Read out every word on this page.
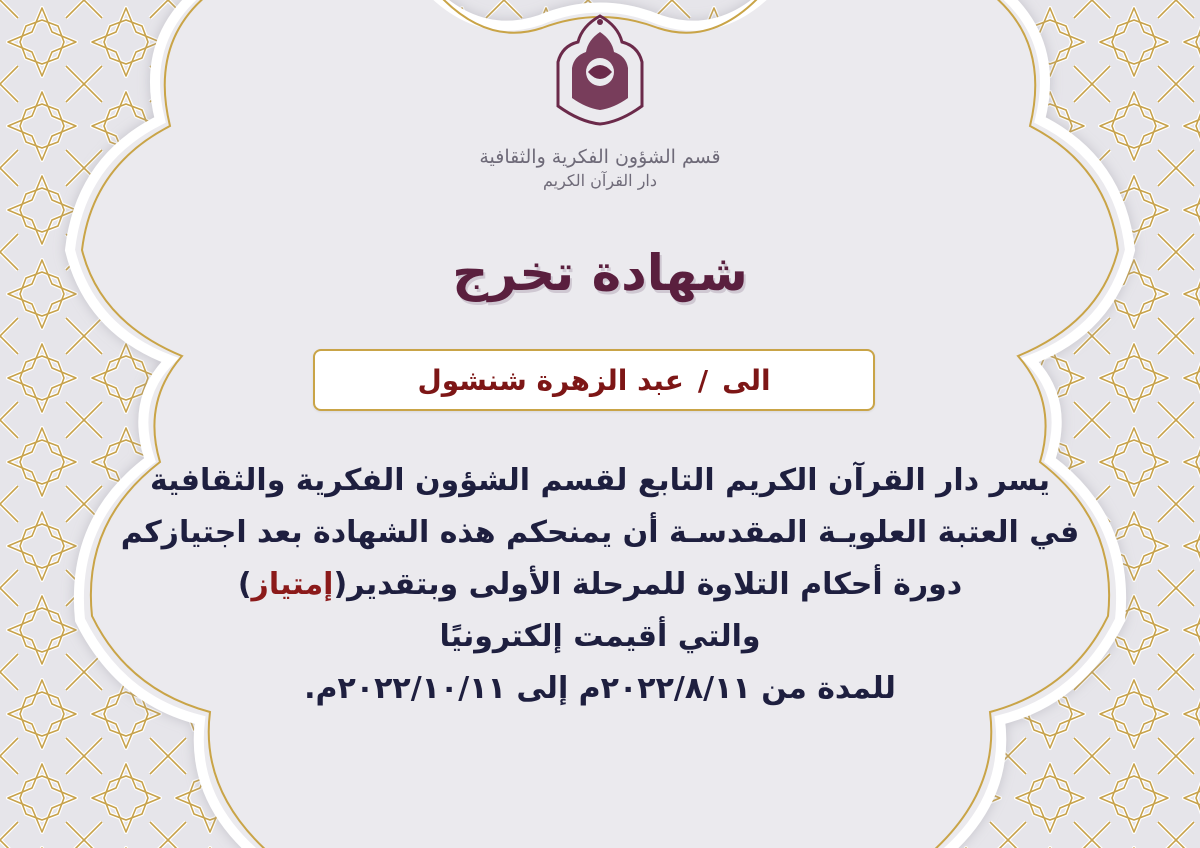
قسم الشؤون الفكرية والثقافية
دار القرآن الكريم
شهادة تخرج
الى
/
عبد الزهرة شنشول
يسر دار القرآن الكريم التابع لقسم الشؤون الفكرية والثقافية
في العتبة العلويـة المقدسـة أن يمنحكم هذه الشهادة بعد اجتيازكم
دورة أحكام التلاوة للمرحلة الأولى وبتقدير(إمتياز)
والتي أقيمت إلكترونيًا
للمدة من ٢٠٢٢/٨/١١م إلى ٢٠٢٢/١٠/١١م.
